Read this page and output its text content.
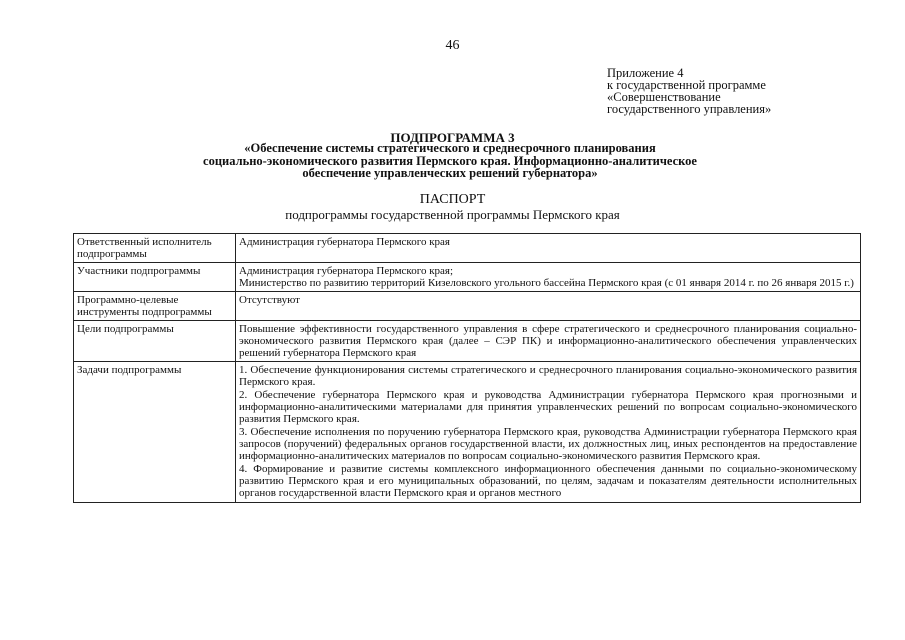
46
Приложение 4
к государственной программе
«Совершенствование
государственного управления»
ПОДПРОГРАММА 3
«Обеспечение системы стратегического и среднесрочного планирования
социально-экономического развития Пермского края. Информационно-аналитическое
обеспечение управленческих решений губернатора»
ПАСПОРТ
подпрограммы государственной программы Пермского края
Ответственный исполнитель подпрограммы	Администрация губернатора Пермского края

Участники подпрограммы	Администрация губернатора Пермского края;
Министерство по развитию территорий Кизеловского угольного бассейна Пермского края (с 01 января 2014 г. по 26 января 2015 г.)

Программно-целевые инструменты подпрограммы	Отсутствуют

Цели подпрограммы	Повышение эффективности государственного управления в сфере стратегического и среднесрочного планирования социально-экономического развития Пермского края (далее – СЭР ПК) и информационно-аналитического обеспечения управленческих решений губернатора Пермского края

Задачи подпрограммы	1. Обеспечение функционирования системы стратегического и среднесрочного планирования социально-экономического развития Пермского края.
2. Обеспечение губернатора Пермского края и руководства Администрации губернатора Пермского края прогнозными и информационно-аналитическими материалами для принятия управленческих решений по вопросам социально-экономического развития Пермского края.
3. Обеспечение исполнения по поручению губернатора Пермского края, руководства Администрации губернатора Пермского края запросов (поручений) федеральных органов государственной власти, их должностных лиц, иных респондентов на предоставление информационно-аналитических материалов по вопросам социально-экономического развития Пермского края.
4. Формирование и развитие системы комплексного информационного обеспечения данными по социально-экономическому развитию Пермского края и его муниципальных образований, по целям, задачам и показателям деятельности исполнительных органов государственной власти Пермского края и органов местного
